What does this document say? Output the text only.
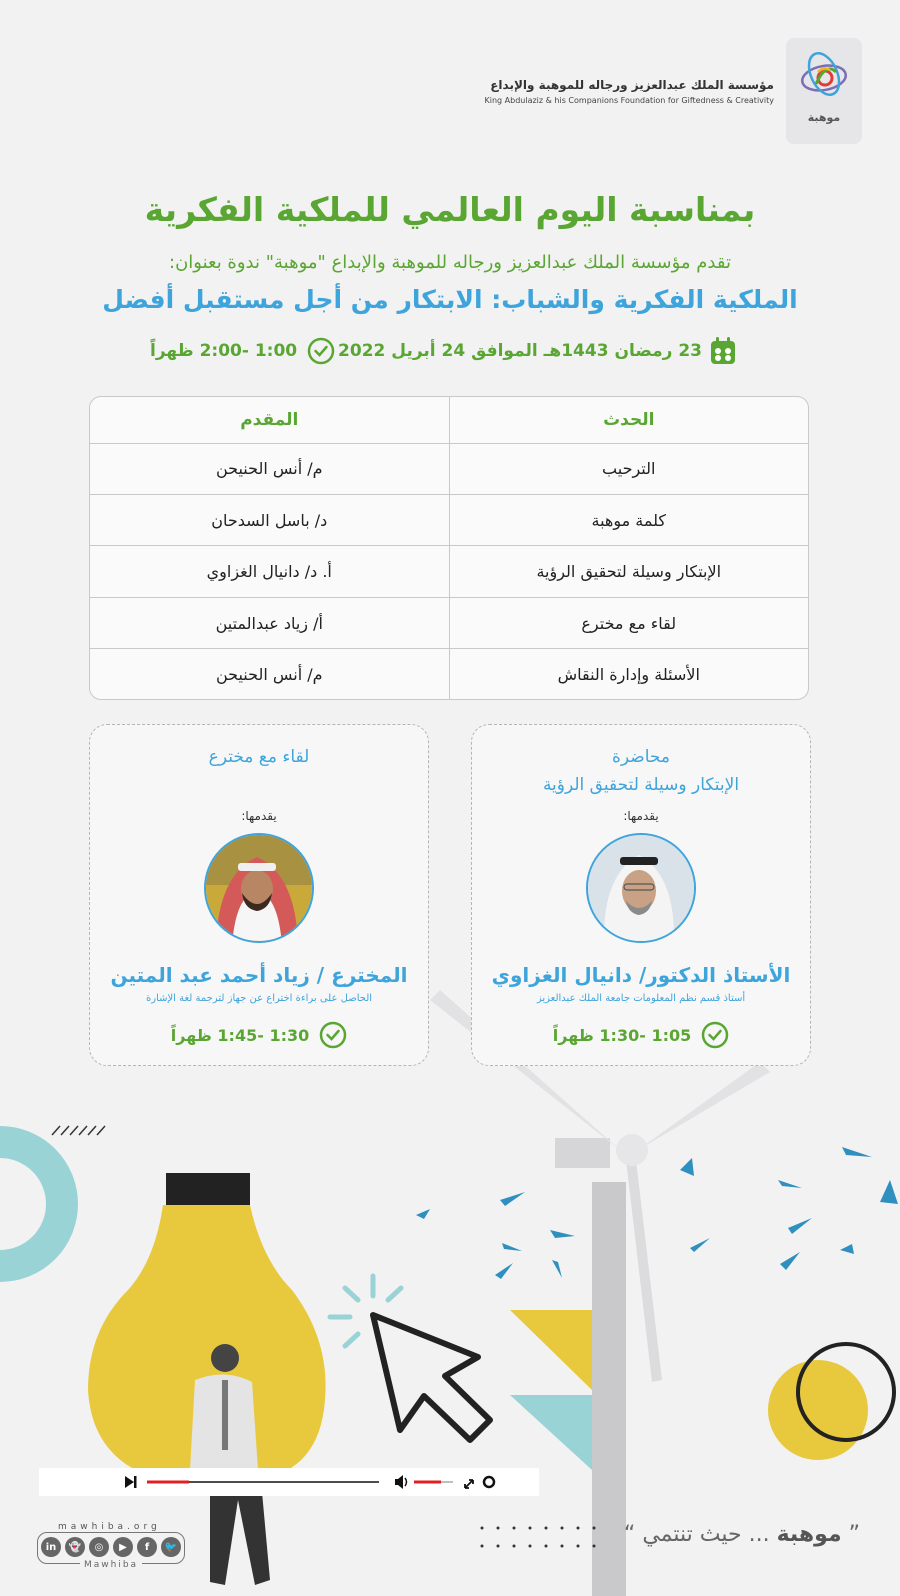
موهبة
مؤسسة الملك عبدالعزيز ورجاله للموهبة والإبداع
King Abdulaziz & his Companions Foundation for Giftedness & Creativity
بمناسبة اليوم العالمي للملكية الفكرية
تقدم مؤسسة الملك عبدالعزيز ورجاله للموهبة والإبداع "موهبة" ندوة بعنوان:
الملكية الفكرية والشباب: الابتكار من أجل مستقبل أفضل
23 رمضان 1443هـ الموافق 24 أبريل 2022
1:00 -2:00 ظهراً
الحدث	المقدم
الترحيب	م/ أنس الحنيحن
كلمة موهبة	د/ باسل السدحان
الإبتكار وسيلة لتحقيق الرؤية	أ. د/ دانيال الغزاوي
لقاء مع مخترع	أ/ زياد عبدالمتين
الأسئلة وإدارة النقاش	م/ أنس الحنيحن
محاضرة
الإبتكار وسيلة لتحقيق الرؤية
يقدمها:
الأستاذ الدكتور/ دانيال الغزاوي
أستاذ قسم نظم المعلومات جامعة الملك عبدالعزيز
1:05 -1:30 ظهراً
لقاء مع مخترع
يقدمها:
المخترع / زياد أحمد عبد المتين
الحاصل على براءة اختراع عن جهاز لترجمة لغة الإشارة
1:30 -1:45 ظهراً
mawhiba.org
in	👻	◎	▶	f	🐦
Mawhiba
” موهبة ... حيث تنتمي “
